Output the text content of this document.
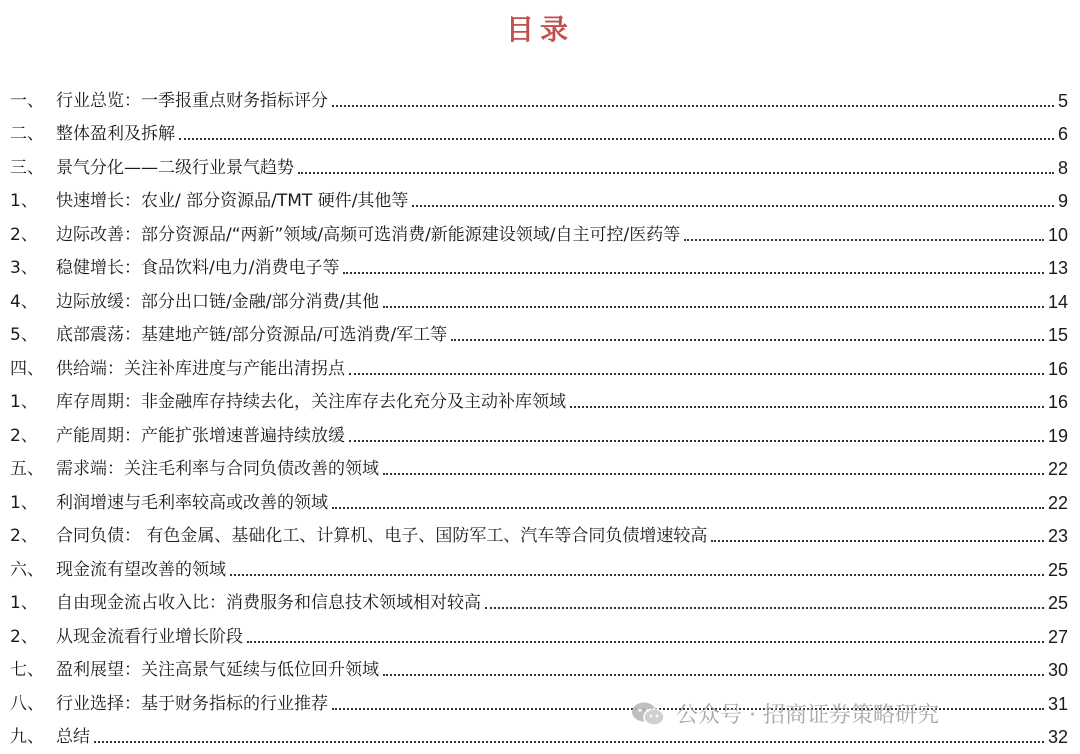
目录
一、 行业总览：一季报重点财务指标评分	5
二、 整体盈利及拆解	6
三、 景气分化——二级行业景气趋势	8
1、	快速增长：农业/ 部分资源品/TMT 硬件/其他等	9
2、	边际改善：部分资源品/“两新”领域/高频可选消费/新能源建设领域/自主可控/医药等	10
3、	稳健增长：食品饮料/电力/消费电子等	13
4、	边际放缓：部分出口链/金融/部分消费/其他	14
5、	底部震荡：基建地产链/部分资源品/可选消费/军工等	15
四、 供给端：关注补库进度与产能出清拐点	16
1、	库存周期：非金融库存持续去化，关注库存去化充分及主动补库领域	16
2、	产能周期：产能扩张增速普遍持续放缓	19
五、 需求端：关注毛利率与合同负债改善的领域	22
1、	利润增速与毛利率较高或改善的领域	22
2、	合同负债： 有色金属、基础化工、计算机、电子、国防军工、汽车等合同负债增速较高	23
六、 现金流有望改善的领域	25
1、	自由现金流占收入比：消费服务和信息技术领域相对较高	25
2、	从现金流看行业增长阶段	27
七、 盈利展望：关注高景气延续与低位回升领域	30
八、 行业选择：基于财务指标的行业推荐	31
九、 总结	32
公众号 · 招商证券策略研究
